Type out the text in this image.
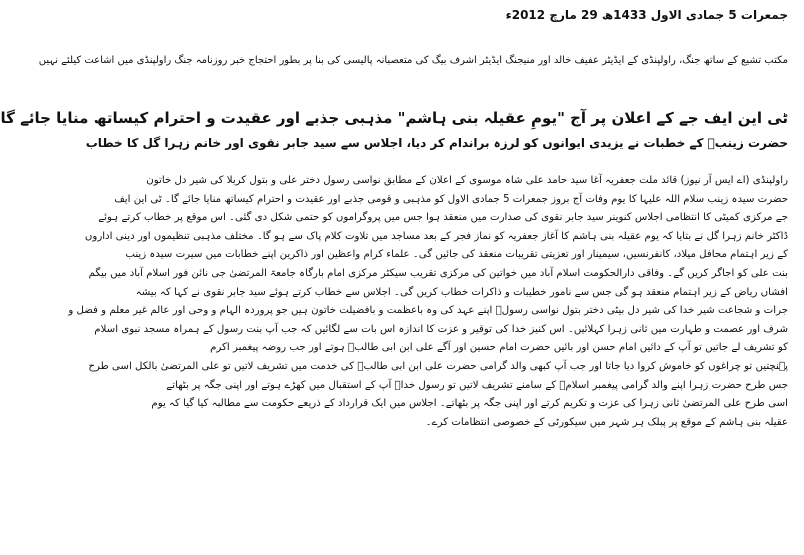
جمعرات 5 جمادی الاول 1433ھ 29 مارچ 2012ء
مکتب تشیع کے ساتھ جنگ، راولپنڈی کے ایڈیٹر عفیف خالد اور منیجنگ ایڈیٹر اشرف بیگ کی متعصبانہ پالیسی کی بنا پر بطور احتجاج خبر روزنامہ جنگ راولپنڈی میں اشاعت کیلئے نہیں
ٹی این ایف جے کے اعلان پر آج "یومِ عقیلہ بنی ہاشم" مذہبی جذبے اور عقیدت و احترام کیساتھ منایا جائے گا
حضرت زینبؑ کے خطبات نے یزیدی ایوانوں کو لرزہ براندام کر دیا، اجلاس سے سید جابر نقوی اور خانم زہرا گل کا خطاب

راولپنڈی (اے ایس آر نیوز) قائد ملت جعفریہ آغا سید حامد علی شاہ موسوی کے اعلان کے مطابق نواسی رسول دختر علی و بتول کربلا کی شیر دل خاتون

حضرت سیدہ زینب سلام اللہ علیہا کا یوم وفات آج بروز جمعرات 5 جمادی الاول کو مذہبی و قومی جذبے اور عقیدت و احترام کیساتھ منایا جائے گا۔ ٹی این ایف

جے مرکزی کمیٹی کا انتظامی اجلاس کنوینر سید جابر نقوی کی صدارت میں منعقد ہوا جس میں پروگراموں کو حتمی شکل دی گئی۔ اس موقع پر خطاب کرتے ہوئے

ڈاکٹر خانم زہرا گل نے بتایا کہ یوم عقیلہ بنی ہاشم کا آغاز جعفریہ کو نماز فجر کے بعد مساجد میں تلاوت کلام پاک سے ہو گا۔ مختلف مذہبی تنظیموں اور دینی اداروں

کے زیر اہتمام محافل میلاد، کانفرنسیں، سیمینار اور تعزیتی تقریبات منعقد کی جائیں گی۔ علماء کرام واعظین اور ذاکرین اپنے خطابات میں سیرت سیدہ زینب

بنت علی کو اجاگر کریں گے۔ وفاقی دارالحکومت اسلام آباد میں خواتین کی مرکزی تقریب سیکٹر مرکزی امام بارگاہ جامعۃ المرتضیٰ جی نائن فور اسلام آباد میں بیگم

افشاں ریاض کے زیر اہتمام منعقد ہو گی جس سے نامور خطیبات و ذاکرات خطاب کریں گی۔ اجلاس سے خطاب کرتے ہوئے سید جابر نقوی نے کہا کہ بیشہ

جرات و شجاعت شیر خدا کی شیر دل بیٹی دختر بتول نواسی رسولؐ اپنے عہد کی وہ باعظمت و بافضیلت خاتون ہیں جو پروردہ الہام و وحی اور عالم غیر معلم و فضل و

شرف اور عصمت و طہارت میں ثانی زہرا کہلائیں۔ اس کنیز خدا کی توقیر و عزت کا اندازہ اس بات سے لگائیں کہ جب آپ بنت رسول کے ہمراہ مسجد نبوی اسلام

کو تشریف لے جاتیں تو آپ کے دائیں امام حسن اور بائیں حضرت امام حسین اور آگے علی ابن ابی طالبؑ ہوتے اور جب روضہ پیغمبر اکرم

پہنچتیں تو چراغوں کو خاموش کروا دیا جاتا اور جب آپ کبھی والد گرامی حضرت علی ابن ابی طالبؑ کی خدمت میں تشریف لاتیں تو علی المرتضیٰ بالکل اسی طرح

جس طرح حضرت زہرا اپنے والد گرامی پیغمبر اسلامؐ کے سامنے تشریف لاتیں تو رسول خداؐ آپ کے استقبال میں کھڑے ہوتے اور اپنی جگہ پر بٹھاتے

اسی طرح علی المرتضیٰ ثانی زہرا کی عزت و تکریم کرتے اور اپنی جگہ پر بٹھاتے۔ اجلاس میں ایک قرارداد کے ذریعے حکومت سے مطالبہ کیا گیا کہ یوم

عقیلہ بنی ہاشم کے موقع پر پبلک ہر شہر میں سیکورٹی کے خصوصی انتظامات کرے۔
